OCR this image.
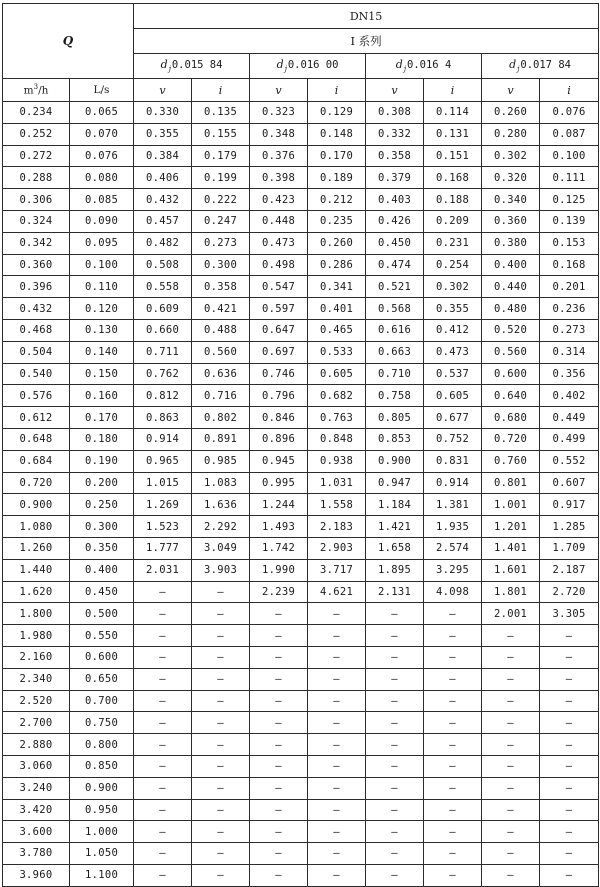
Q		DN15							
		I 系列							
		$d_j0.015$ 84		$d_j0.016$ 00		$d_j0.016$ 4		$d_j0.017$ 84	
$m^3/h$	L/s	v	i	v	i	v	i	v	i
0.234	0.065	0.330	0.135	0.323	0.129	0.308	0.114	0.260	0.076
0.252	0.070	0.355	0.155	0.348	0.148	0.332	0.131	0.280	0.087
0.272	0.076	0.384	0.179	0.376	0.170	0.358	0.151	0.302	0.100
0.288	0.080	0.406	0.199	0.398	0.189	0.379	0.168	0.320	0.111
0.306	0.085	0.432	0.222	0.423	0.212	0.403	0.188	0.340	0.125
0.324	0.090	0.457	0.247	0.448	0.235	0.426	0.209	0.360	0.139
0.342	0.095	0.482	0.273	0.473	0.260	0.450	0.231	0.380	0.153
0.360	0.100	0.508	0.300	0.498	0.286	0.474	0.254	0.400	0.168
0.396	0.110	0.558	0.358	0.547	0.341	0.521	0.302	0.440	0.201
0.432	0.120	0.609	0.421	0.597	0.401	0.568	0.355	0.480	0.236
0.468	0.130	0.660	0.488	0.647	0.465	0.616	0.412	0.520	0.273
0.504	0.140	0.711	0.560	0.697	0.533	0.663	0.473	0.560	0.314
0.540	0.150	0.762	0.636	0.746	0.605	0.710	0.537	0.600	0.356
0.576	0.160	0.812	0.716	0.796	0.682	0.758	0.605	0.640	0.402
0.612	0.170	0.863	0.802	0.846	0.763	0.805	0.677	0.680	0.449
0.648	0.180	0.914	0.891	0.896	0.848	0.853	0.752	0.720	0.499
0.684	0.190	0.965	0.985	0.945	0.938	0.900	0.831	0.760	0.552
0.720	0.200	1.015	1.083	0.995	1.031	0.947	0.914	0.801	0.607
0.900	0.250	1.269	1.636	1.244	1.558	1.184	1.381	1.001	0.917
1.080	0.300	1.523	2.292	1.493	2.183	1.421	1.935	1.201	1.285
1.260	0.350	1.777	3.049	1.742	2.903	1.658	2.574	1.401	1.709
1.440	0.400	2.031	3.903	1.990	3.717	1.895	3.295	1.601	2.187
1.620	0.450	—	—	2.239	4.621	2.131	4.098	1.801	2.720
1.800	0.500	—	—	—	—	—	—	2.001	3.305
1.980	0.550	—	—	—	—	—	—	—	—
2.160	0.600	—	—	—	—	—	—	—	—
2.340	0.650	—	—	—	—	—	—	—	—
2.520	0.700	—	—	—	—	—	—	—	—
2.700	0.750	—	—	—	—	—	—	—	—
2.880	0.800	—	—	—	—	—	—	—	—
3.060	0.850	—	—	—	—	—	—	—	—
3.240	0.900	—	—	—	—	—	—	—	—
3.420	0.950	—	—	—	—	—	—	—	—
3.600	1.000	—	—	—	—	—	—	—	—
3.780	1.050	—	—	—	—	—	—	—	—
3.960	1.100	—	—	—	—	—	—	—	—
